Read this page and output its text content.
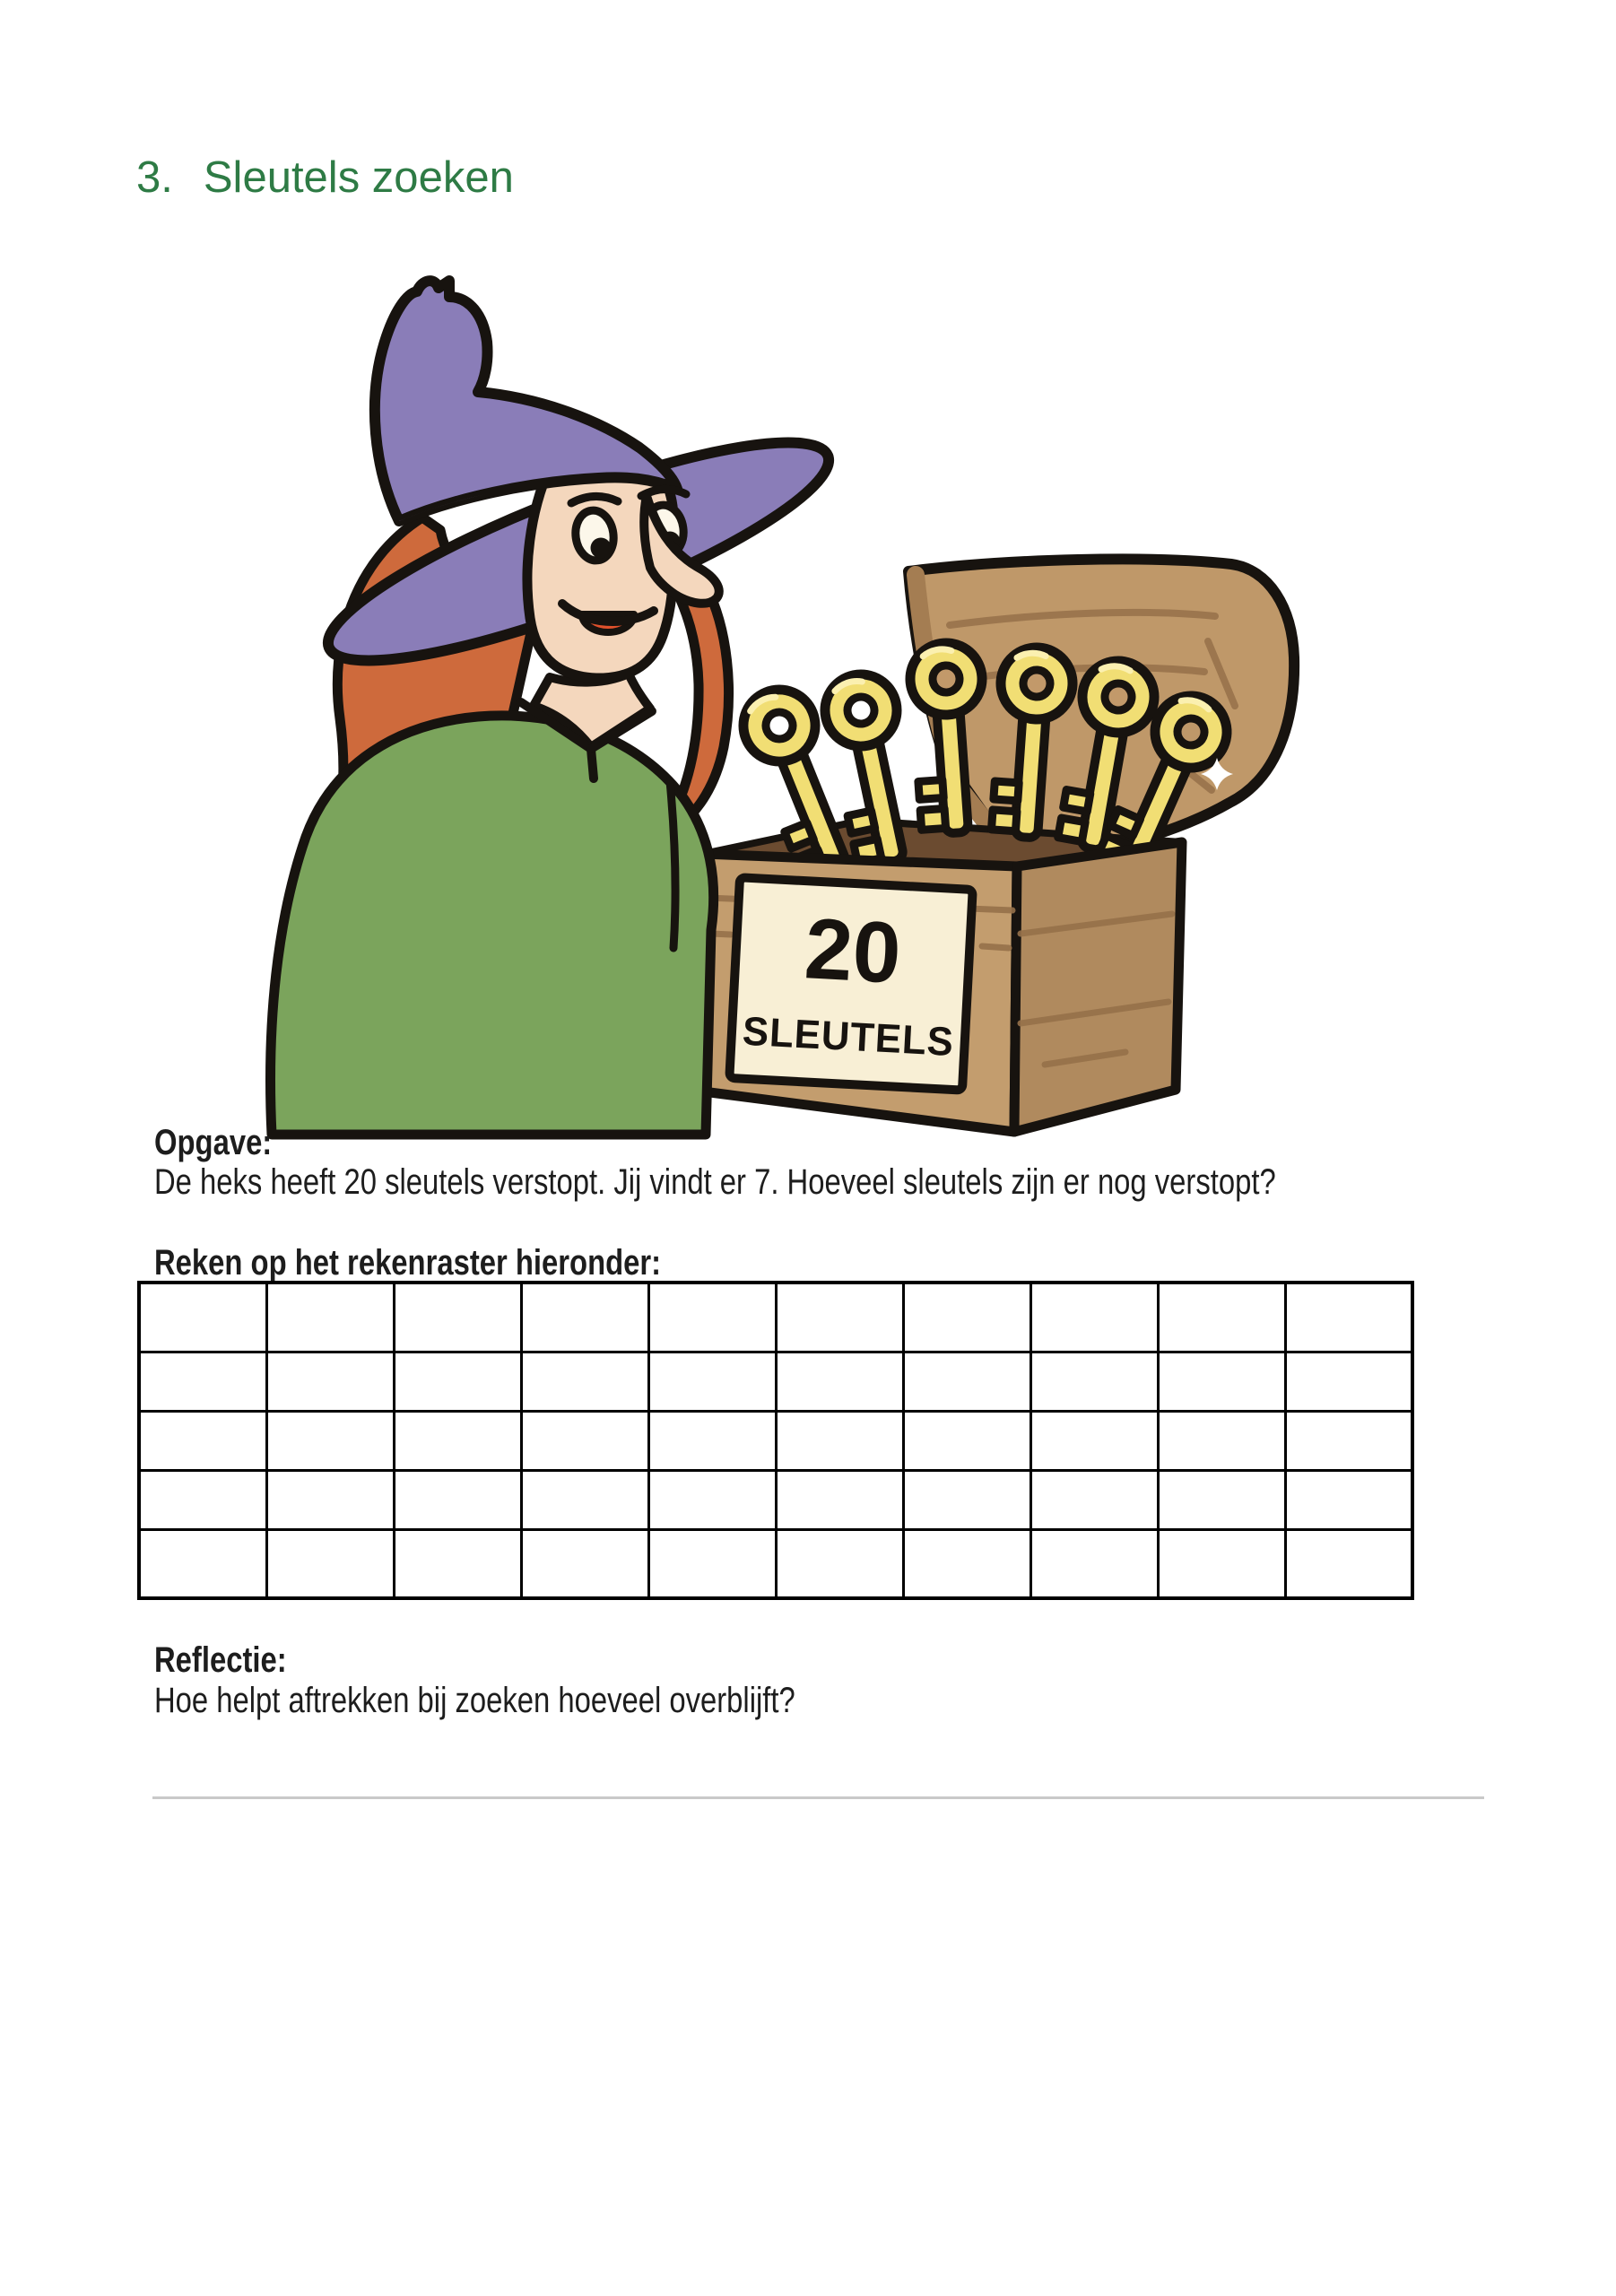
3. Sleutels zoeken
20
SLEUTELS
Opgave:
De heks heeft 20 sleutels verstopt. Jij vindt er 7. Hoeveel sleutels zijn er nog verstopt?
Reken op het rekenraster hieronder:

Reflectie:
Hoe helpt aftrekken bij zoeken hoeveel overblijft?
